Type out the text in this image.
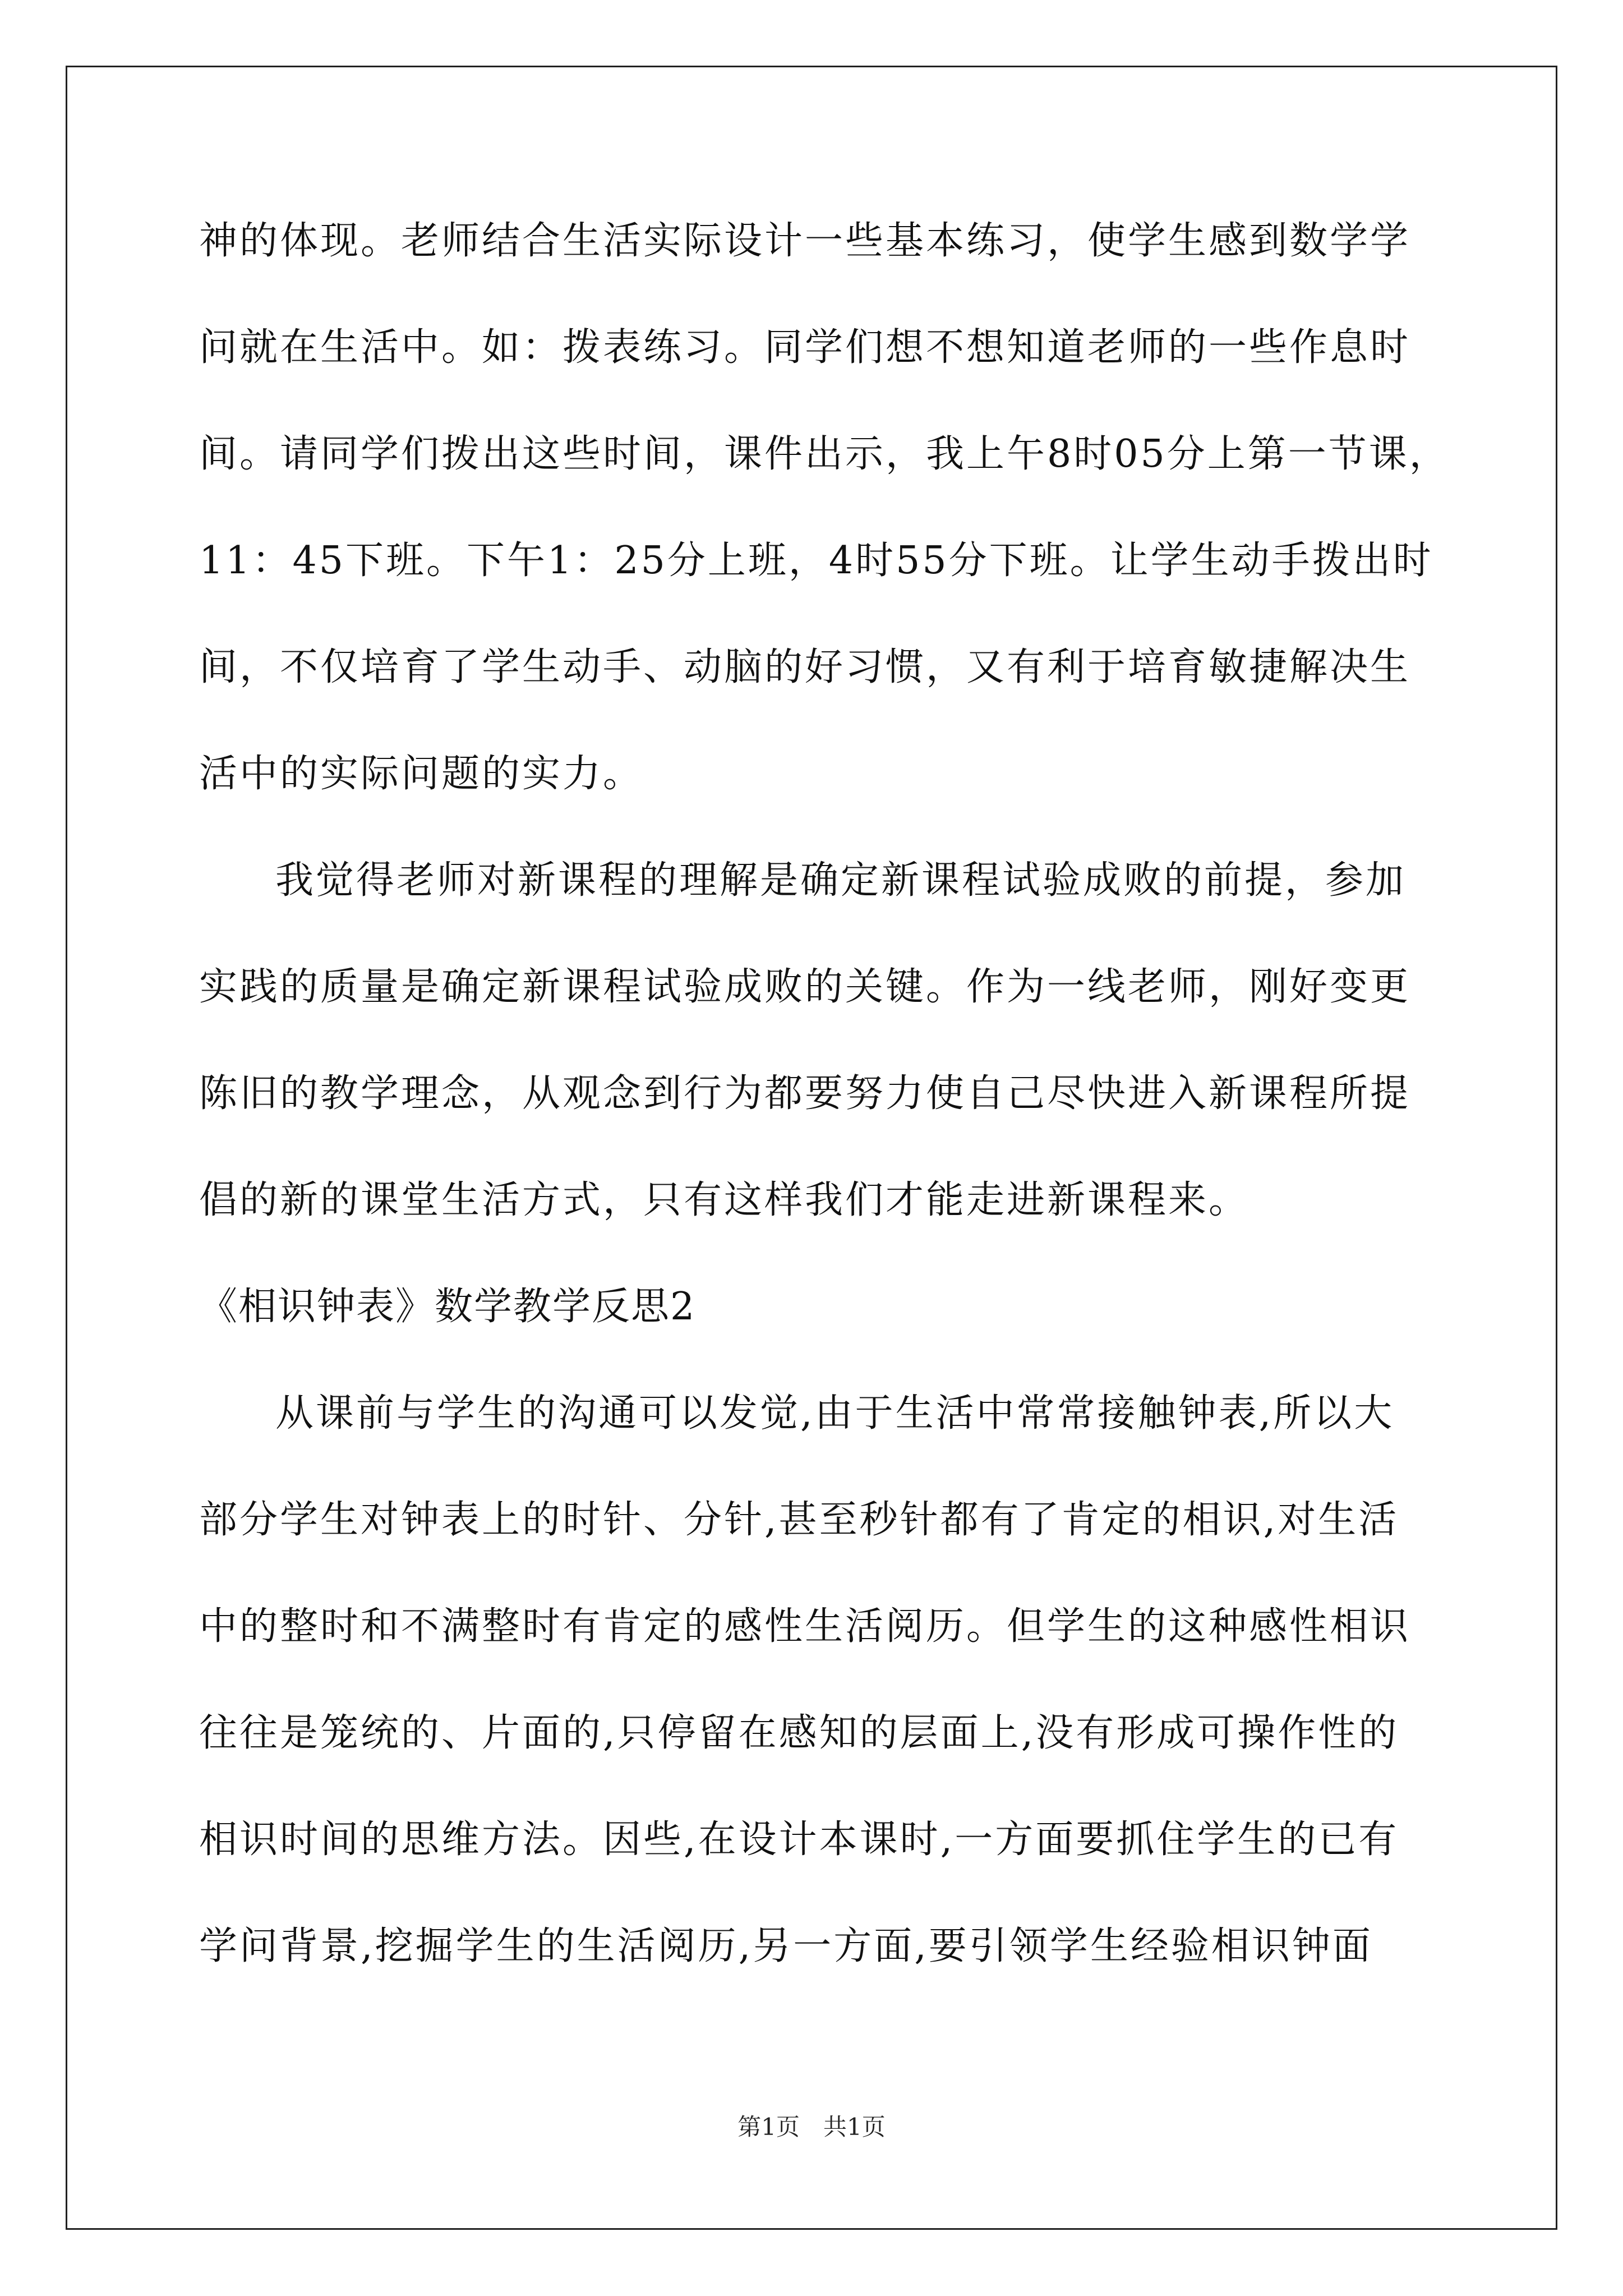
神的体现。老师结合生活实际设计一些基本练习，使学生感到数学学
问就在生活中。如：拨表练习。同学们想不想知道老师的一些作息时
间。请同学们拨出这些时间，课件出示，我上午8时05分上第一节课，
11：45下班。下午1：25分上班，4时55分下班。让学生动手拨出时
间，不仅培育了学生动手、动脑的好习惯，又有利于培育敏捷解决生
活中的实际问题的实力。
我觉得老师对新课程的理解是确定新课程试验成败的前提，参加
实践的质量是确定新课程试验成败的关键。作为一线老师，刚好变更
陈旧的教学理念，从观念到行为都要努力使自己尽快进入新课程所提
倡的新的课堂生活方式，只有这样我们才能走进新课程来。
《相识钟表》数学教学反思2
从课前与学生的沟通可以发觉,由于生活中常常接触钟表,所以大
部分学生对钟表上的时针、分针,甚至秒针都有了肯定的相识,对生活
中的整时和不满整时有肯定的感性生活阅历。但学生的这种感性相识
往往是笼统的、片面的,只停留在感知的层面上,没有形成可操作性的
相识时间的思维方法。因些,在设计本课时,一方面要抓住学生的已有
学问背景,挖掘学生的生活阅历,另一方面,要引领学生经验相识钟面
第1页　共1页
